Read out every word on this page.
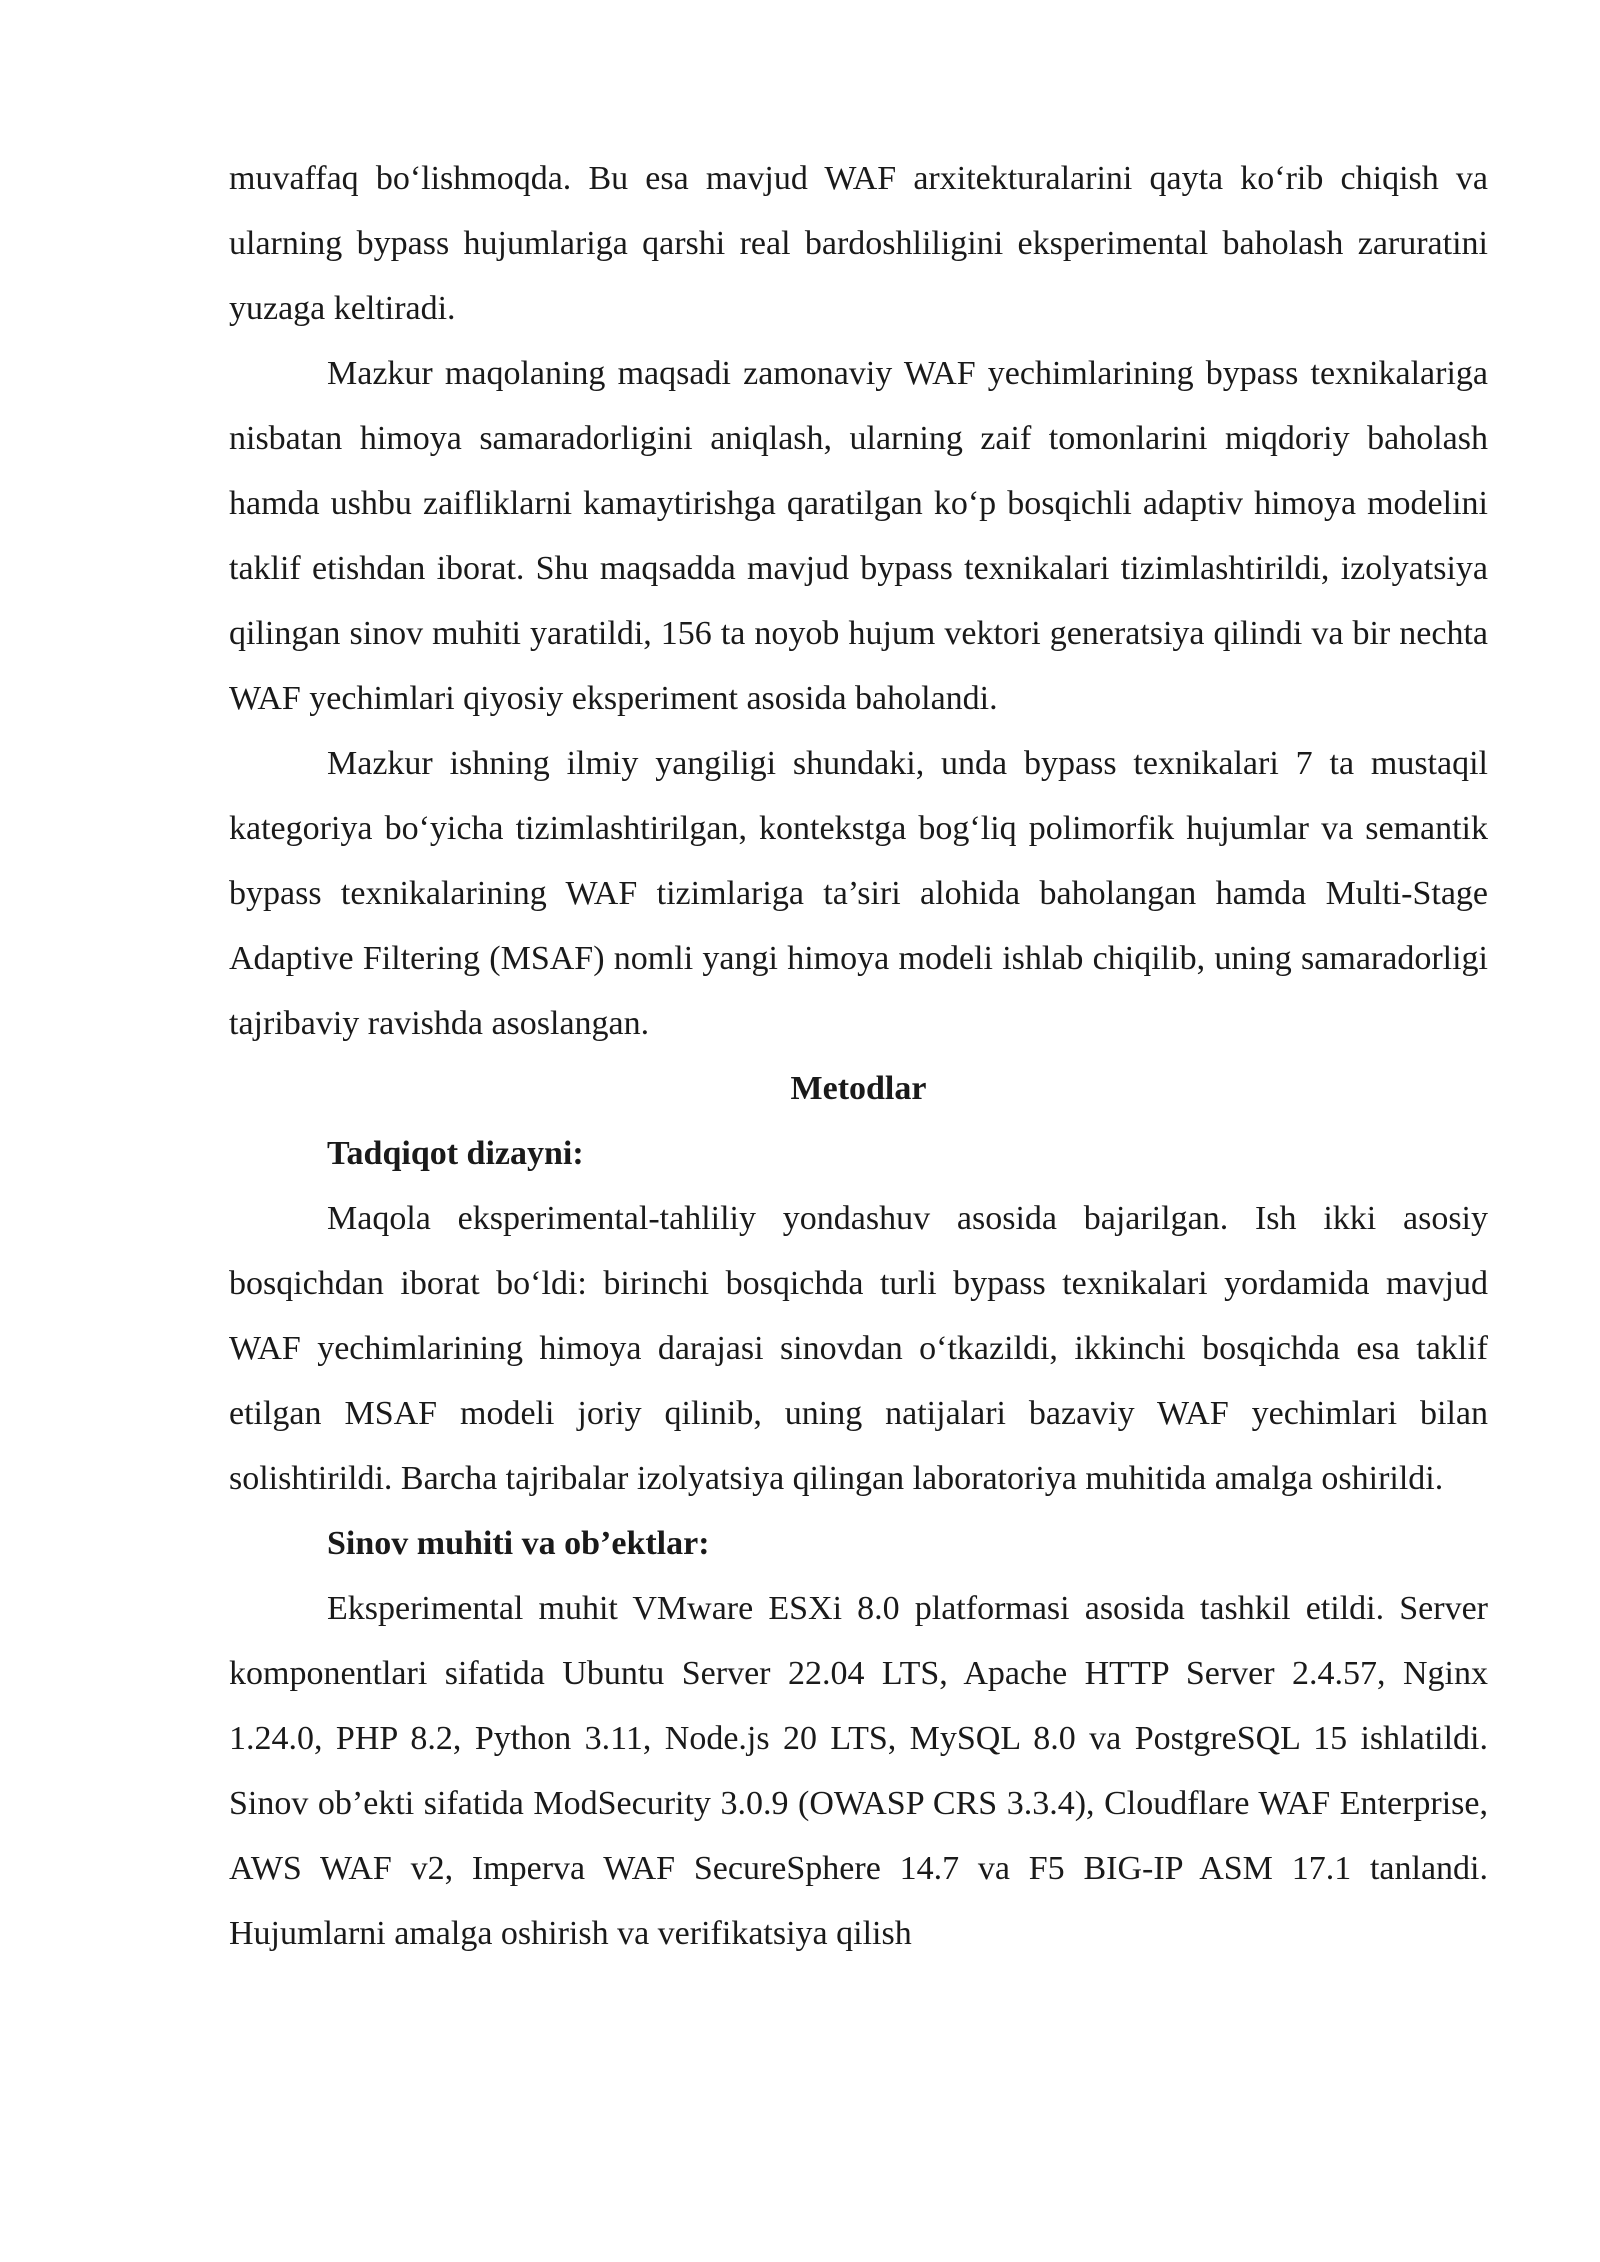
muvaffaq bo‘lishmoqda. Bu esa mavjud WAF arxitekturalarini qayta ko‘rib chiqish va ularning bypass hujumlariga qarshi real bardoshliligini eksperimental baholash zaruratini yuzaga keltiradi.

Mazkur maqolaning maqsadi zamonaviy WAF yechimlarining bypass texnikalariga nisbatan himoya samaradorligini aniqlash, ularning zaif tomonlarini miqdoriy baholash hamda ushbu zaifliklarni kamaytirishga qaratilgan ko‘p bosqichli adaptiv himoya modelini taklif etishdan iborat. Shu maqsadda mavjud bypass texnikalari tizimlashtirildi, izolyatsiya qilingan sinov muhiti yaratildi, 156 ta noyob hujum vektori generatsiya qilindi va bir nechta WAF yechimlari qiyosiy eksperiment asosida baholandi.

Mazkur ishning ilmiy yangiligi shundaki, unda bypass texnikalari 7 ta mustaqil kategoriya bo‘yicha tizimlashtirilgan, kontekstga bog‘liq polimorfik hujumlar va semantik bypass texnikalarining WAF tizimlariga ta’siri alohida baholangan hamda Multi-Stage Adaptive Filtering (MSAF) nomli yangi himoya modeli ishlab chiqilib, uning samaradorligi tajribaviy ravishda asoslangan.

Metodlar

Tadqiqot dizayni:

Maqola eksperimental-tahliliy yondashuv asosida bajarilgan. Ish ikki asosiy bosqichdan iborat bo‘ldi: birinchi bosqichda turli bypass texnikalari yordamida mavjud WAF yechimlarining himoya darajasi sinovdan o‘tkazildi, ikkinchi bosqichda esa taklif etilgan MSAF modeli joriy qilinib, uning natijalari bazaviy WAF yechimlari bilan solishtirildi. Barcha tajribalar izolyatsiya qilingan laboratoriya muhitida amalga oshirildi.

Sinov muhiti va ob’ektlar:

Eksperimental muhit VMware ESXi 8.0 platformasi asosida tashkil etildi. Server komponentlari sifatida Ubuntu Server 22.04 LTS, Apache HTTP Server 2.4.57, Nginx 1.24.0, PHP 8.2, Python 3.11, Node.js 20 LTS, MySQL 8.0 va PostgreSQL 15 ishlatildi. Sinov ob’ekti sifatida ModSecurity 3.0.9 (OWASP CRS 3.3.4), Cloudflare WAF Enterprise, AWS WAF v2, Imperva WAF SecureSphere 14.7 va F5 BIG-IP ASM 17.1 tanlandi. Hujumlarni amalga oshirish va verifikatsiya qilish
